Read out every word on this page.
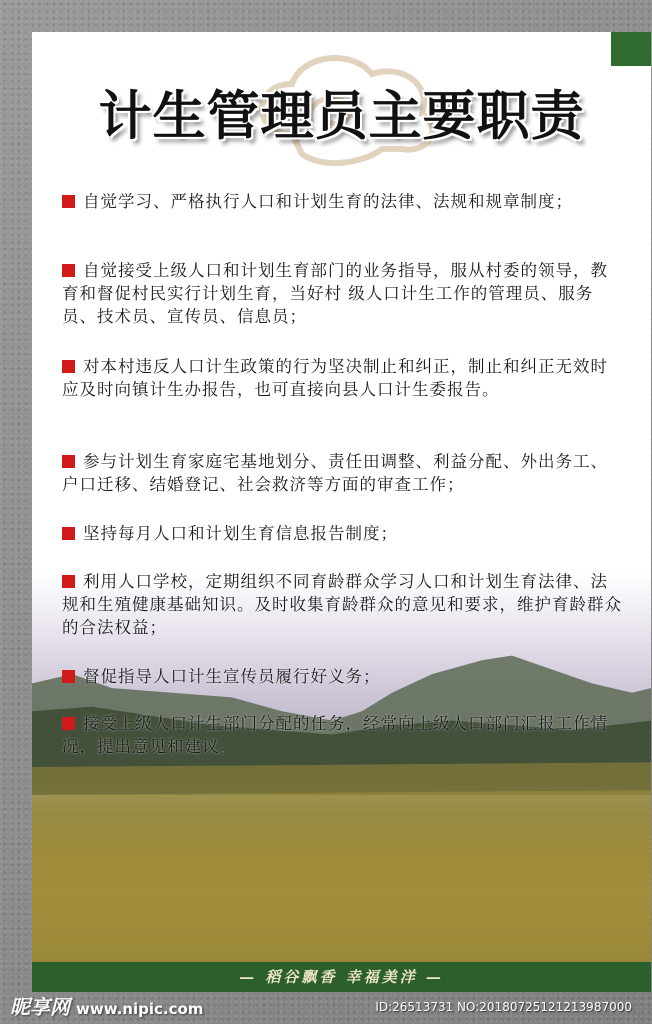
计生管理员主要职责

自觉学习、严格执行人口和计划生育的法律、法规和规章制度；

自觉接受上级人口和计划生育部门的业务指导，服从村委的领导，教育和督促村民实行计划生育，当好村 级人口计生工作的管理员、服务员、技术员、宣传员、信息员；

对本村违反人口计生政策的行为坚决制止和纠正，制止和纠正无效时应及时向镇计生办报告，也可直接向县人口计生委报告。

参与计划生育家庭宅基地划分、责任田调整、利益分配、外出务工、户口迁移、结婚登记、社会救济等方面的审查工作；

坚持每月人口和计划生育信息报告制度；

利用人口学校，定期组织不同育龄群众学习人口和计划生育法律、法规和生殖健康基础知识。及时收集育龄群众的意见和要求，维护育龄群众的合法权益；

督促指导人口计生宣传员履行好义务；

接受上级人口计生部门分配的任务，经常向上级人口部门汇报工作情况，提出意见和建议。

— 稻谷飘香 幸福美洋 —
昵享网 www.nipic.com	ID:26513731 NO:20180725121213987000
